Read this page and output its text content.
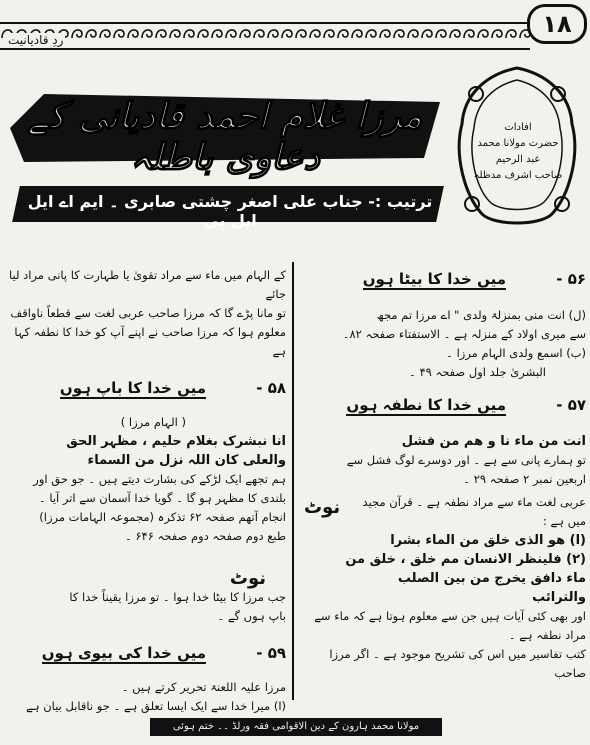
ردِ قادیانیت
۱۸
مرزا غلام احمد قادیانی کے دعاوی باطلہ
ترتیب :- جناب علی اصغر چشتی صابری ۔ ایم اے ایل ایل بی
افادات
حضرت مولانا محمد عبد الرحیم
صاحب اشرف مدظلہ
۵۶ -
میں خدا کا بیٹا ہوں
(ل) انت منی بمنزلۃ ولدی " اے مرزا تم مجھ
سے میری اولاد کے منزلہ ہے ۔ الاستفتاء صفحہ ۸۲۔
(ب) اسمع ولدی الہام مرزا ۔
البشریٰ جلد اول صفحہ ۴۹ ۔
۵۷ -
میں خدا کا نطفہ ہوں
انت من ماء نا و ھم من فشل
تو ہمارے پانی سے ہے ۔ اور دوسرے لوگ فشل سے
اربعین نمبر ۲ صفحہ ۲۹ ۔
نوٹ	عربی لغت ماء سے مراد نطفہ ہے ۔ قرآن مجید
میں ہے :
(ا) ھو الذی خلق من الماء بشرا
(۲) فلینظر الانسان مم خلق ، خلق من
ماء دافق یخرج من بین الصلب
والترائب
اور بھی کئی آیات ہیں جن سے معلوم ہوتا ہے کہ ماء سے
مراد نطفہ ہے ۔
کتب تفاسیر میں اس کی تشریح موجود ہے ۔ اگر مرزا صاحب
کے الہام میں ماء سے مراد تقویٰ یا طہارت کا پانی مراد لیا جائے
تو مانا پڑے گا کہ مرزا صاحب عربی لغت سے قطعاً ناواقف
معلوم ہوا کہ مرزا صاحب نے اپنے آپ کو خدا کا نطفہ کہا ہے
۵۸ -
میں خدا کا باپ ہوں
( الہام مرزا )
انا نبشرک بغلام حلیم ، مظہر الحق
والعلی کان اللہ نزل من السماء
ہم تجھے ایک لڑکے کی بشارت دیتے ہیں ۔ جو حق اور
بلندی کا مظہر ہو گا ۔ گویا خدا آسمان سے اتر آیا ۔
انجام آتھم صفحہ ۶۲ تذکرہ (مجموعہ الہامات مرزا)
طبع دوم صفحہ دوم صفحہ ۶۴۶ ۔
نوٹ
جب مرزا کا بیٹا خدا ہوا ۔ تو مرزا یقیناً خدا کا
باپ ہوں گے ۔
۵۹ -
میں خدا کی بیوی ہوں
مرزا علیہ اللعنۃ تحریر کرتے ہیں ۔
(ا) میرا خدا سے ایک ایسا تعلق ہے ۔ جو ناقابل بیان ہے
مولانا محمد ہارون کے دین الاقوامی فقہ ورلڈ ۔۔ ختم ہوئی
